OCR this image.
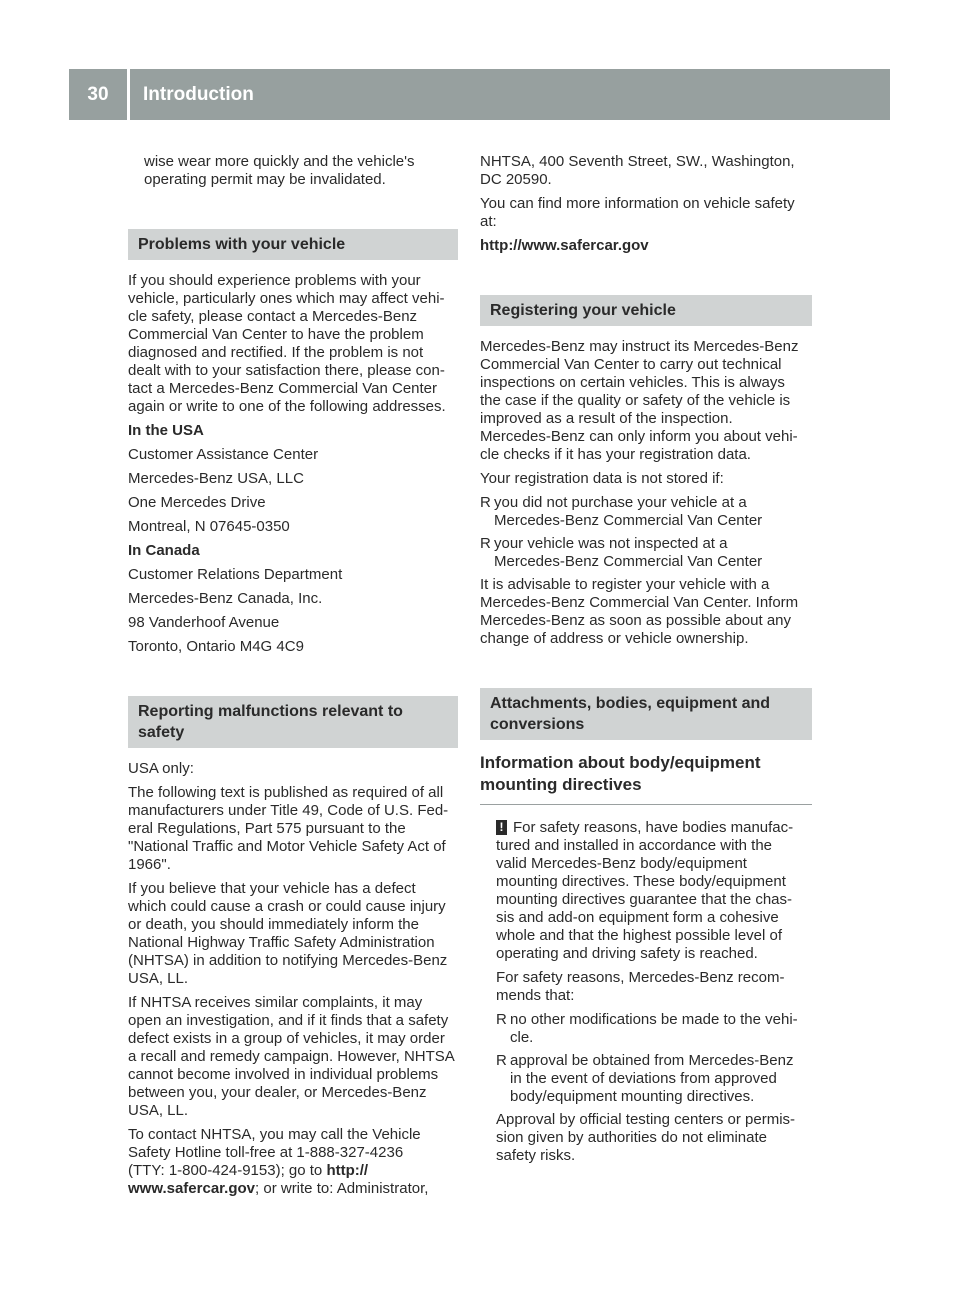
30	Introduction
wise wear more quickly and the vehicle's
operating permit may be invalidated.
Problems with your vehicle

If you should experience problems with your
vehicle, particularly ones which may affect vehi-
cle safety, please contact a Mercedes-Benz
Commercial Van Center to have the problem
diagnosed and rectified. If the problem is not
dealt with to your satisfaction there, please con-
tact a Mercedes-Benz Commercial Van Center
again or write to one of the following addresses.

In the USA

Customer Assistance Center

Mercedes-Benz USA, LLC

One Mercedes Drive

Montreal, N 07645-0350

In Canada

Customer Relations Department

Mercedes-Benz Canada, Inc.

98 Vanderhoof Avenue

Toronto, Ontario M4G 4C9

Reporting malfunctions relevant to
safety

USA only:

The following text is published as required of all
manufacturers under Title 49, Code of U.S. Fed-
eral Regulations, Part 575 pursuant to the
"National Traffic and Motor Vehicle Safety Act of
1966".

If you believe that your vehicle has a defect
which could cause a crash or could cause injury
or death, you should immediately inform the
National Highway Traffic Safety Administration
(NHTSA) in addition to notifying Mercedes-Benz
USA, LL.

If NHTSA receives similar complaints, it may
open an investigation, and if it finds that a safety
defect exists in a group of vehicles, it may order
a recall and remedy campaign. However, NHTSA
cannot become involved in individual problems
between you, your dealer, or Mercedes-Benz
USA, LL.

To contact NHTSA, you may call the Vehicle
Safety Hotline toll-free at 1-888-327-4236
(TTY: 1-800-424-9153); go to http://
www.safercar.gov; or write to: Administrator,

NHTSA, 400 Seventh Street, SW., Washington,
DC 20590.

You can find more information on vehicle safety
at:

http://www.safercar.gov

Registering your vehicle

Mercedes-Benz may instruct its Mercedes-Benz
Commercial Van Center to carry out technical
inspections on certain vehicles. This is always
the case if the quality or safety of the vehicle is
improved as a result of the inspection.
Mercedes-Benz can only inform you about vehi-
cle checks if it has your registration data.

Your registration data is not stored if:

R you did not purchase your vehicle at a
Mercedes-Benz Commercial Van Center
R your vehicle was not inspected at a
Mercedes-Benz Commercial Van Center

It is advisable to register your vehicle with a
Mercedes-Benz Commercial Van Center. Inform
Mercedes-Benz as soon as possible about any
change of address or vehicle ownership.

Attachments, bodies, equipment and
conversions
Information about body/equipment
mounting directives
! For safety reasons, have bodies manufac-

tured and installed in accordance with the
valid Mercedes-Benz body/equipment
mounting directives. These body/equipment
mounting directives guarantee that the chas-
sis and add-on equipment form a cohesive
whole and that the highest possible level of
operating and driving safety is reached.

For safety reasons, Mercedes-Benz recom-
mends that:

R no other modifications be made to the vehi-
cle.
R approval be obtained from Mercedes-Benz
in the event of deviations from approved
body/equipment mounting directives.

Approval by official testing centers or permis-
sion given by authorities do not eliminate
safety risks.
